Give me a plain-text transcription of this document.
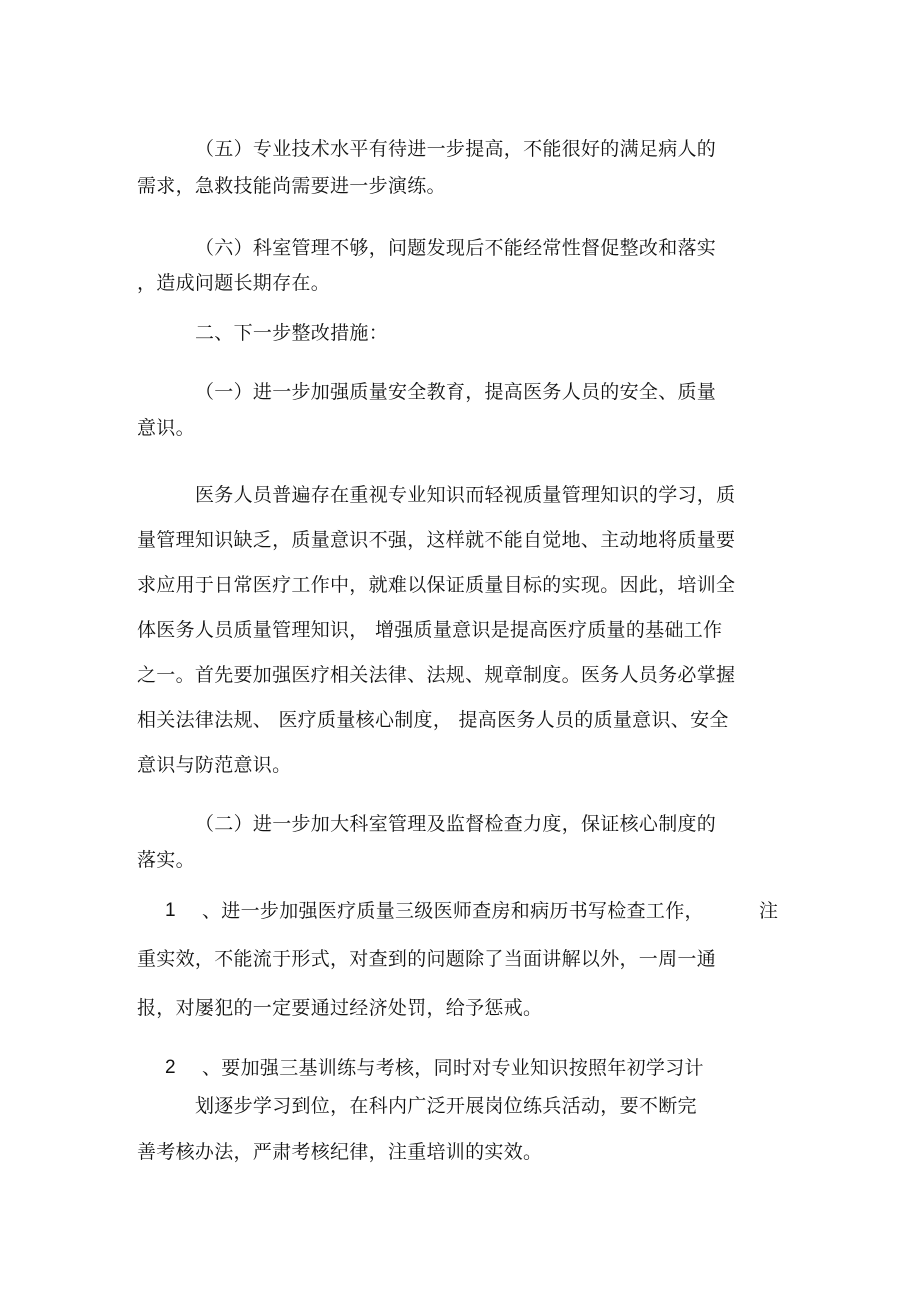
（五）专业技术水平有待进一步提高，不能很好的满足病人的
需求，急救技能尚需要进一步演练。
（六）科室管理不够，问题发现后不能经常性督促整改和落实
，造成问题长期存在。
二、下一步整改措施：
（一）进一步加强质量安全教育，提高医务人员的安全、质量
意识。
医务人员普遍存在重视专业知识而轻视质量管理知识的学习，质
量管理知识缺乏，质量意识不强，这样就不能自觉地、主动地将质量要
求应用于日常医疗工作中，就难以保证质量目标的实现。因此，培训全
体医务人员质量管理知识， 增强质量意识是提高医疗质量的基础工作
之一。首先要加强医疗相关法律、法规、规章制度。医务人员务必掌握
相关法律法规、 医疗质量核心制度， 提高医务人员的质量意识、安全
意识与防范意识。
（二）进一步加大科室管理及监督检查力度，保证核心制度的
落实。
1 、进一步加强医疗质量三级医师查房和病历书写检查工作，	注
重实效，不能流于形式，对查到的问题除了当面讲解以外，一周一通
报，对屡犯的一定要通过经济处罚，给予惩戒。
2 、要加强三基训练与考核，同时对专业知识按照年初学习计
划逐步学习到位，在科内广泛开展岗位练兵活动，要不断完
善考核办法，严肃考核纪律，注重培训的实效。
